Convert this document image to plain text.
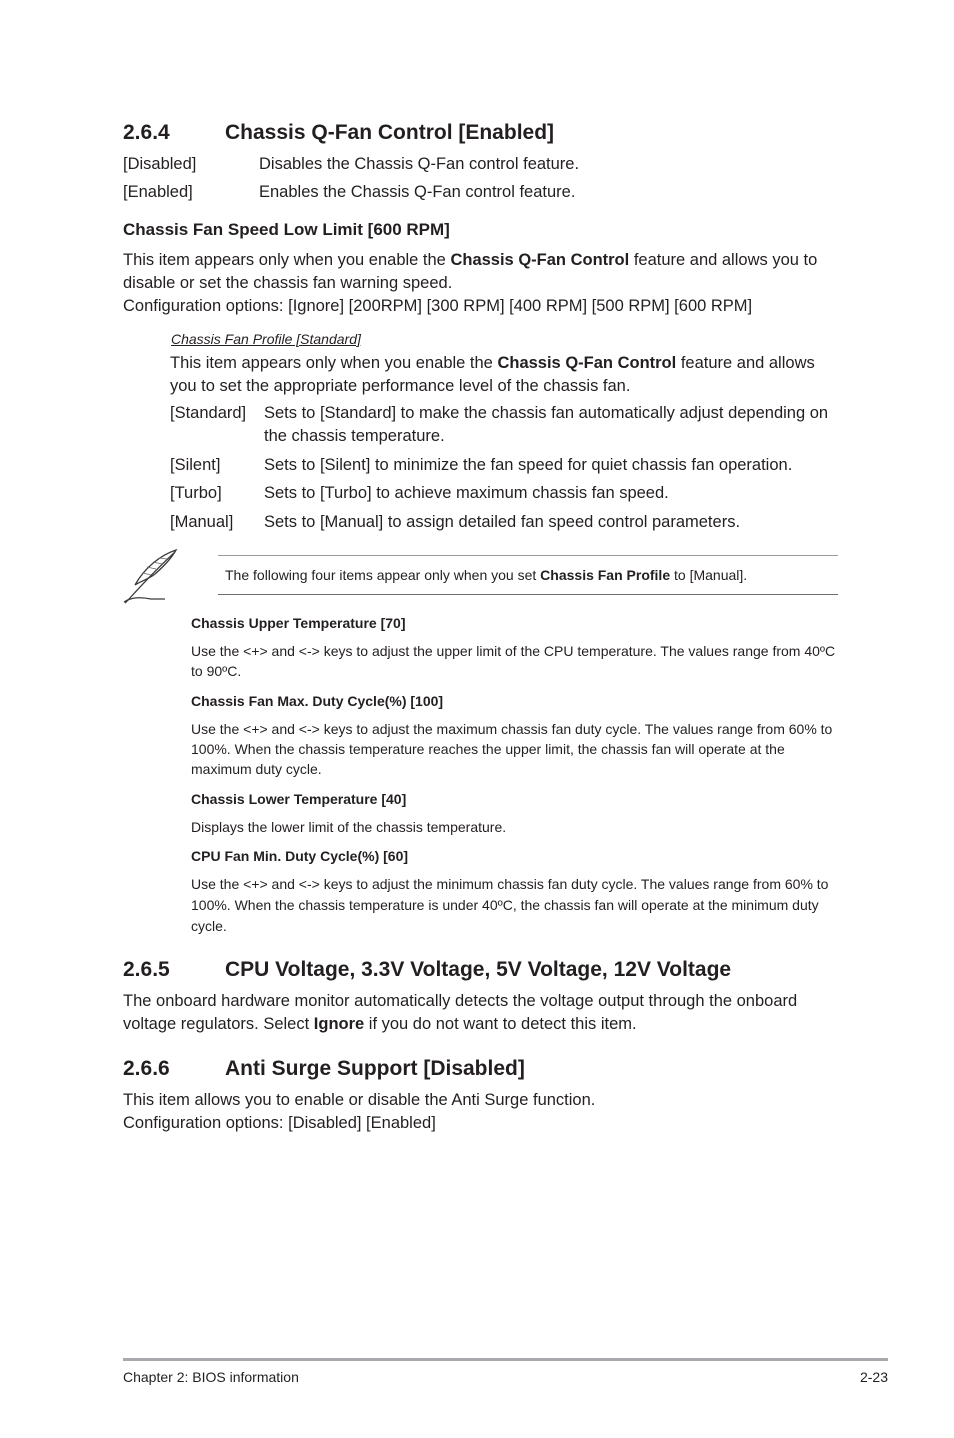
2.6.4	Chassis Q-Fan Control [Enabled]
[Disabled]	Disables the Chassis Q-Fan control feature.
[Enabled]	Enables the Chassis Q-Fan control feature.
Chassis Fan Speed Low Limit [600 RPM]
This item appears only when you enable the Chassis Q-Fan Control feature and allows you to disable or set the chassis fan warning speed.
Configuration options: [Ignore] [200RPM] [300 RPM] [400 RPM] [500 RPM] [600 RPM]
Chassis Fan Profile [Standard]
This item appears only when you enable the Chassis Q-Fan Control feature and allows you to set the appropriate performance level of the chassis fan.
[Standard] Sets to [Standard] to make the chassis fan automatically adjust depending on the chassis temperature.
[Silent]	Sets to [Silent] to minimize the fan speed for quiet chassis fan operation.
[Turbo]	Sets to [Turbo] to achieve maximum chassis fan speed.
[Manual] Sets to [Manual] to assign detailed fan speed control parameters.
The following four items appear only when you set Chassis Fan Profile to [Manual].
Chassis Upper Temperature [70]
Use the <+> and <-> keys to adjust the upper limit of the CPU temperature. The values range from 40ºC to 90ºC.
Chassis Fan Max. Duty Cycle(%) [100]
Use the <+> and <-> keys to adjust the maximum chassis fan duty cycle. The values range from 60% to 100%. When the chassis temperature reaches the upper limit, the chassis fan will operate at the maximum duty cycle.
Chassis Lower Temperature [40]
Displays the lower limit of the chassis temperature.
CPU Fan Min. Duty Cycle(%) [60]
Use the <+> and <-> keys to adjust the minimum chassis fan duty cycle. The values range from 60% to 100%. When the chassis temperature is under 40ºC, the chassis fan will operate at the minimum duty cycle.
2.6.5	CPU Voltage, 3.3V Voltage, 5V Voltage, 12V Voltage
The onboard hardware monitor automatically detects the voltage output through the onboard voltage regulators. Select Ignore if you do not want to detect this item.
2.6.6	Anti Surge Support [Disabled]
This item allows you to enable or disable the Anti Surge function.
Configuration options: [Disabled] [Enabled]
Chapter 2: BIOS information	2-23
